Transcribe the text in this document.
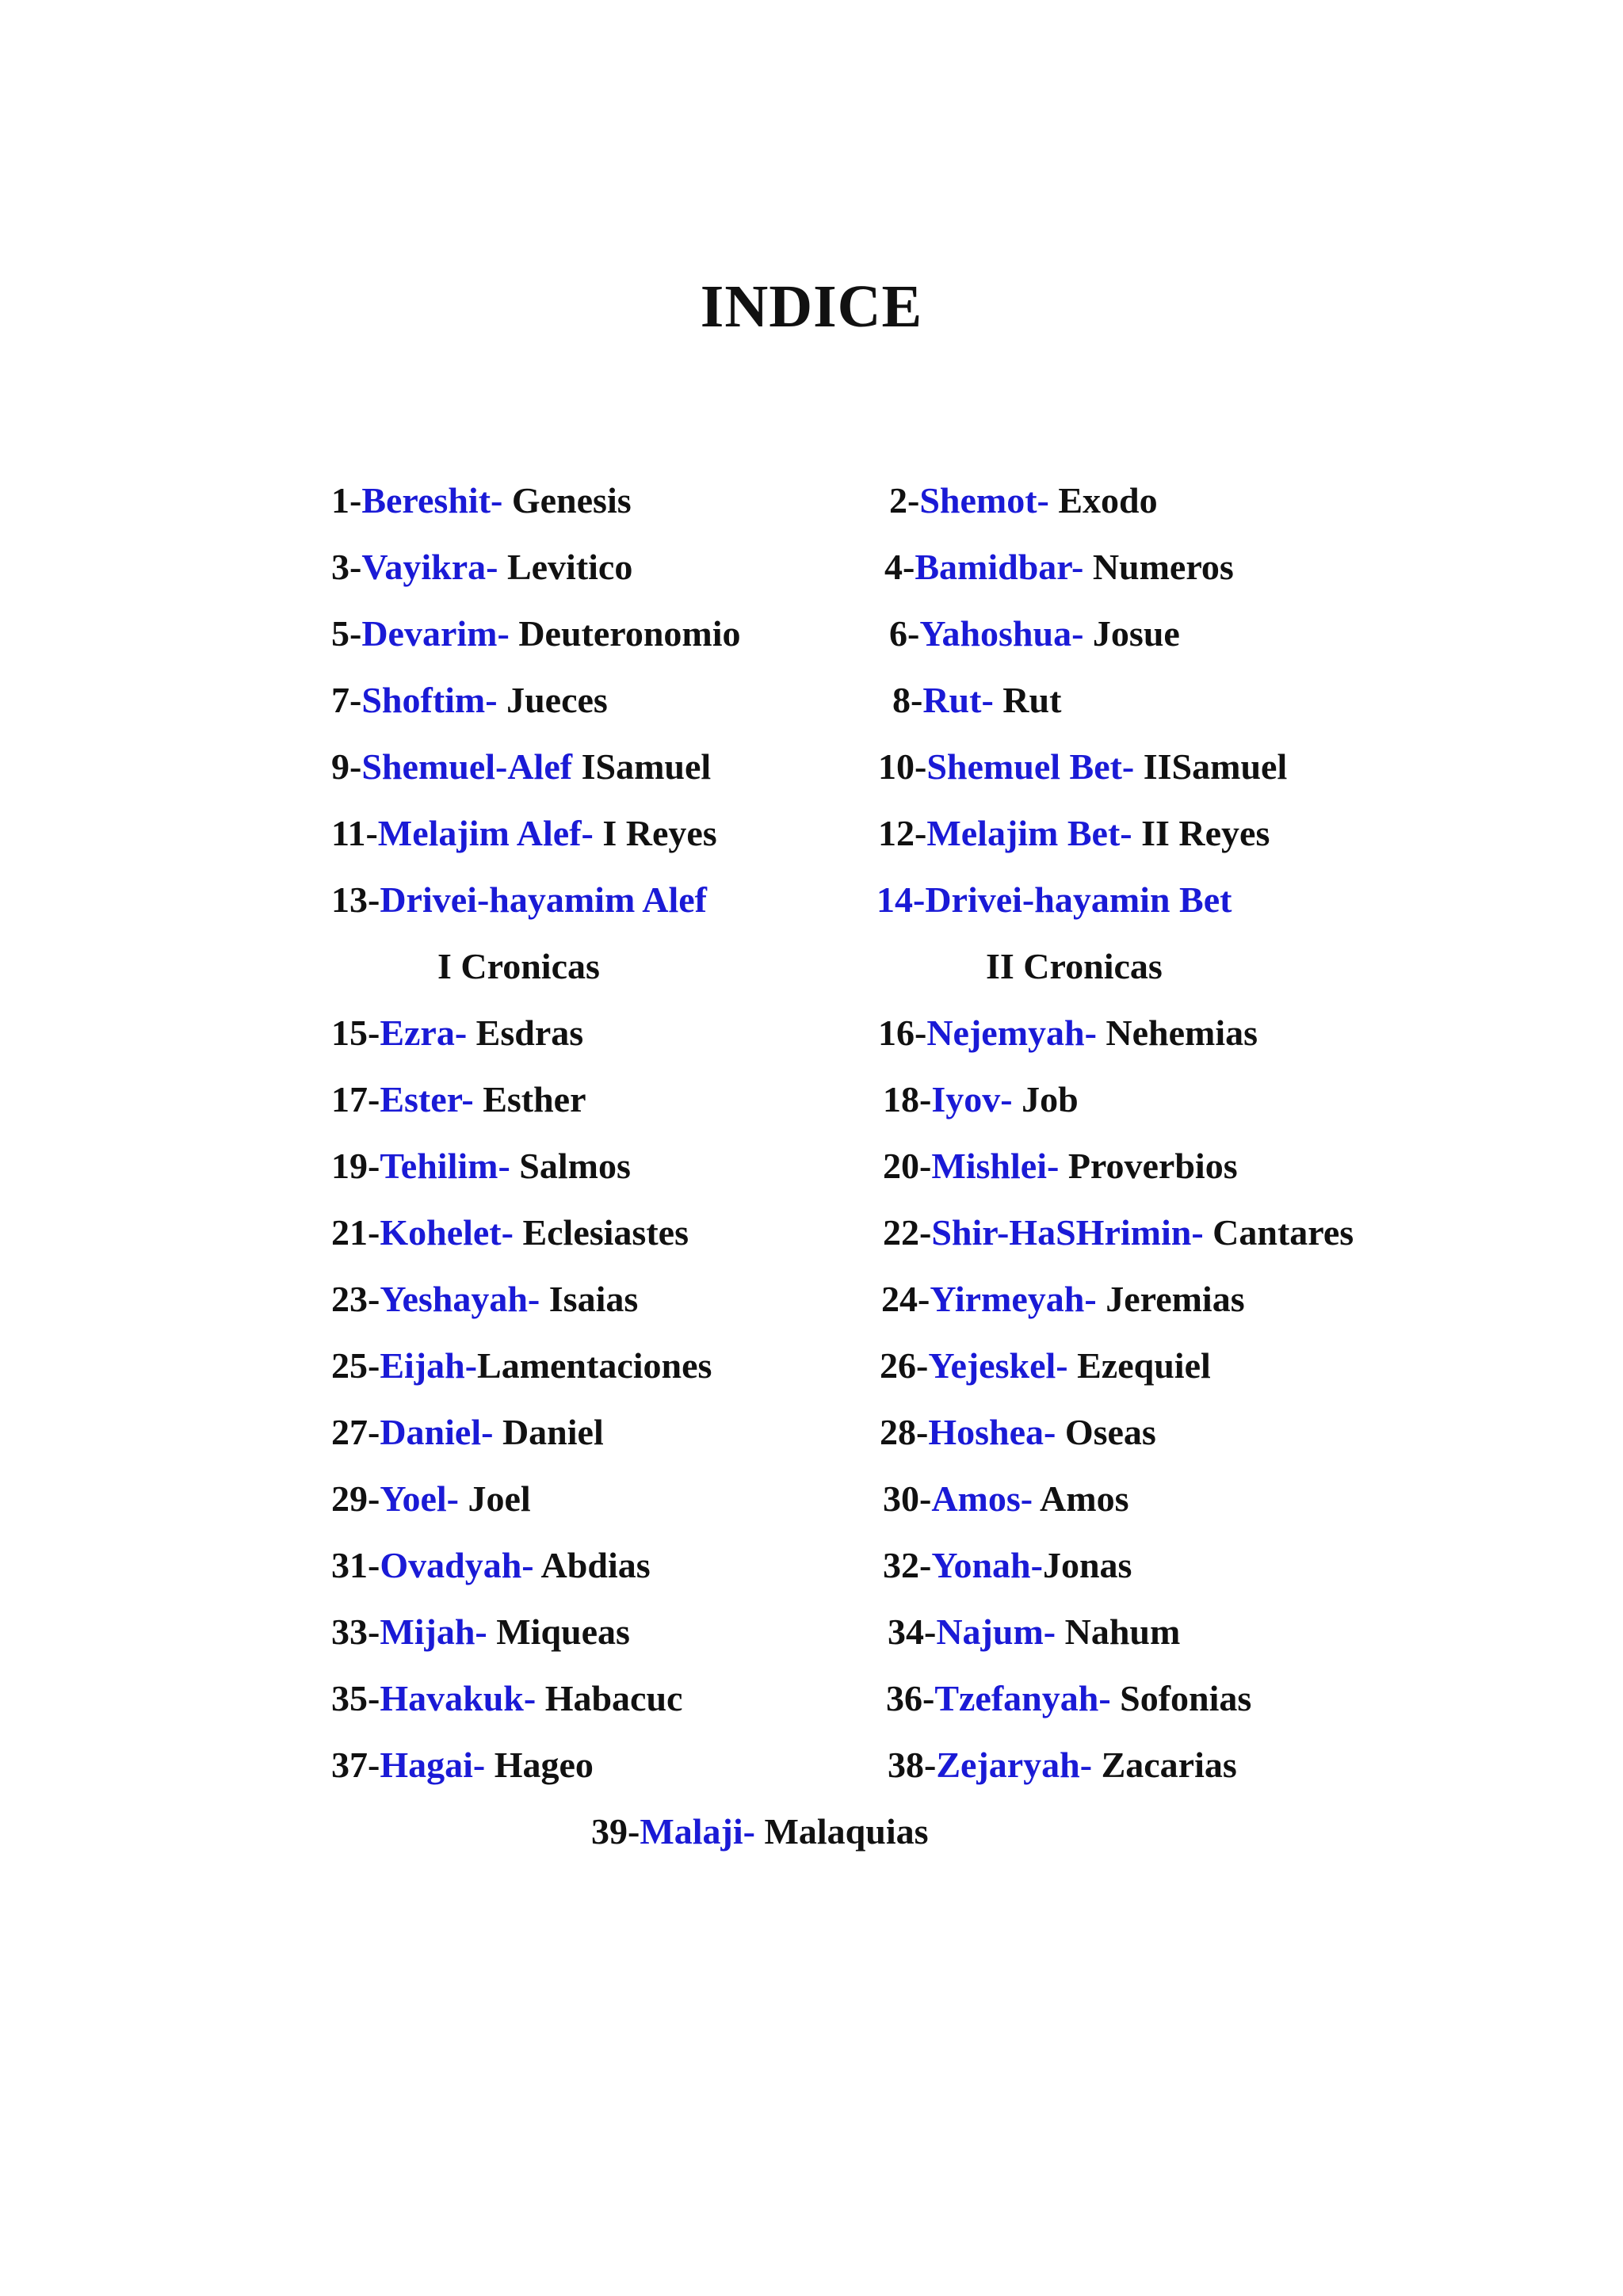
INDICE
1-Bereshit- Genesis	2-Shemot- Exodo
3-Vayikra- Levitico	4-Bamidbar- Numeros
5-Devarim- Deuteronomio	6-Yahoshua- Josue
7-Shoftim- Jueces	8-Rut- Rut
9-Shemuel-Alef ISamuel	10-Shemuel Bet- IISamuel
11-Melajim Alef- I Reyes	12-Melajim Bet- II Reyes
13-Drivei-hayamim Alef	14-Drivei-hayamin Bet
I Cronicas	II Cronicas
15-Ezra- Esdras	16-Nejemyah- Nehemias
17-Ester- Esther	18-Iyov- Job
19-Tehilim- Salmos	20-Mishlei- Proverbios
21-Kohelet- Eclesiastes	22-Shir-HaSHrimin- Cantares
23-Yeshayah- Isaias	24-Yirmeyah- Jeremias
25-Eijah-Lamentaciones	26-Yejeskel- Ezequiel
27-Daniel- Daniel	28-Hoshea- Oseas
29-Yoel- Joel	30-Amos- Amos
31-Ovadyah- Abdias	32-Yonah-Jonas
33-Mijah- Miqueas	34-Najum- Nahum
35-Havakuk- Habacuc	36-Tzefanyah- Sofonias
37-Hagai- Hageo	38-Zejaryah- Zacarias
39-Malaji- Malaquias
